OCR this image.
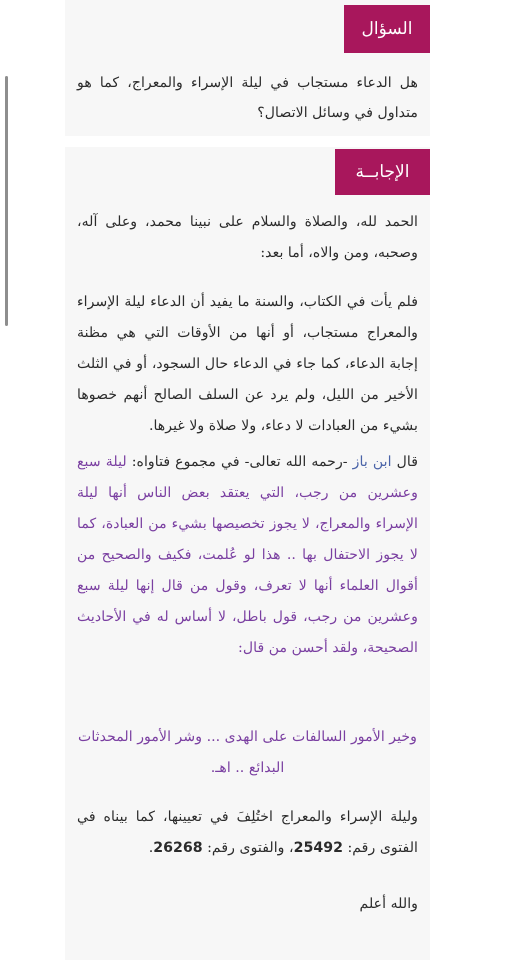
السؤال

هل الدعاء مستجاب في ليلة الإسراء والمعراج، كما هو متداول في وسائل الاتصال؟

الإجابــة

الحمد لله، والصلاة والسلام على نبينا محمد، وعلى آله، وصحبه، ومن والاه، أما بعد:

فلم يأت في الكتاب، والسنة ما يفيد أن الدعاء ليلة الإسراء والمعراج مستجاب، أو أنها من الأوقات التي هي مظنة إجابة الدعاء، كما جاء في الدعاء حال السجود، أو في الثلث الأخير من الليل، ولم يرد عن السلف الصالح أنهم خصوها بشيء من العبادات لا دعاء، ولا صلاة ولا غيرها.

قال ابن باز -رحمه الله تعالى- في مجموع فتاواه: ليلة سبع وعشرين من رجب، التي يعتقد بعض الناس أنها ليلة الإسراء والمعراج، لا يجوز تخصيصها بشيء من العبادة، كما لا يجوز الاحتفال بها .. هذا لو عُلمت، فكيف والصحيح من أقوال العلماء أنها لا تعرف، وقول من قال إنها ليلة سبع وعشرين من رجب، قول باطل، لا أساس له في الأحاديث الصحيحة، ولقد أحسن من قال:

وخير الأمور السالفات على الهدى ... وشر الأمور المحدثات البدائع .. اهـ.

وليلة الإسراء والمعراج اختُلِفَ في تعيينها، كما بيناه في الفتوى رقم: 25492، والفتوى رقم: 26268.

والله أعلم
